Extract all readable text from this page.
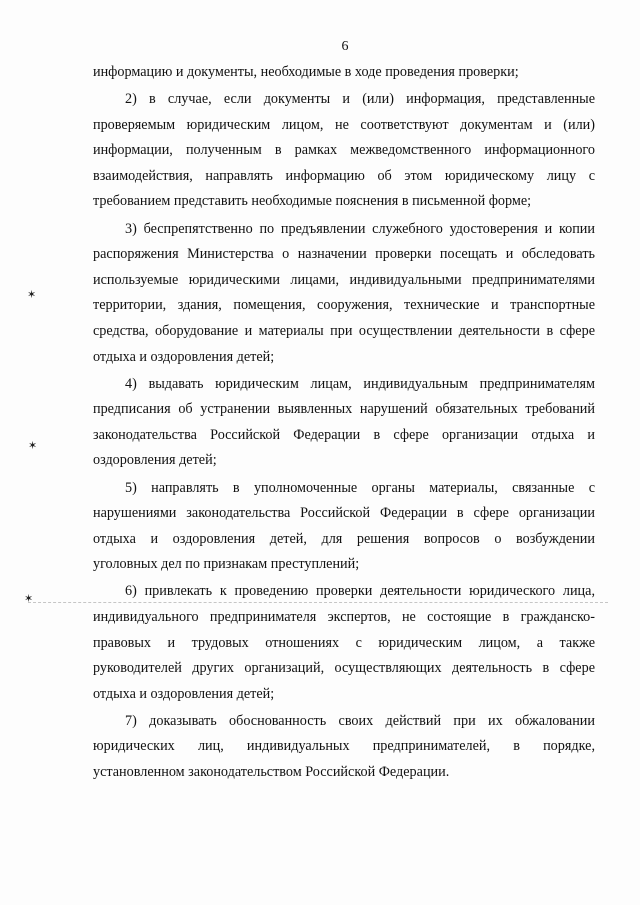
6
✶
✶
✶
информацию и документы, необходимые в ходе проведения проверки;
2) в случае, если документы и (или) информация, представленные
проверяемым юридическим лицом, не соответствуют документам и (или)
информации, полученным в рамках межведомственного информационного
взаимодействия, направлять информацию об этом юридическому лицу с
требованием представить необходимые пояснения в письменной форме;
3) беспрепятственно по предъявлении служебного удостоверения и копии
распоряжения Министерства о назначении проверки посещать и обследовать
используемые юридическими лицами, индивидуальными предпринимателями
территории, здания, помещения, сооружения, технические и транспортные
средства, оборудование и материалы при осуществлении деятельности в сфере
отдыха и оздоровления детей;
4) выдавать юридическим лицам, индивидуальным предпринимателям
предписания об устранении выявленных нарушений обязательных требований
законодательства Российской Федерации в сфере организации отдыха и
оздоровления детей;
5) направлять в уполномоченные органы материалы, связанные с
нарушениями законодательства Российской Федерации в сфере организации
отдыха и оздоровления детей, для решения вопросов о возбуждении
уголовных дел по признакам преступлений;
6) привлекать к проведению проверки деятельности юридического лица,
индивидуального предпринимателя экспертов, не состоящие в гражданско-
правовых и трудовых отношениях с юридическим лицом, а также
руководителей других организаций, осуществляющих деятельность в сфере
отдыха и оздоровления детей;
7) доказывать обоснованность своих действий при их обжаловании
юридических лиц, индивидуальных предпринимателей, в порядке,
установленном законодательством Российской Федерации.
